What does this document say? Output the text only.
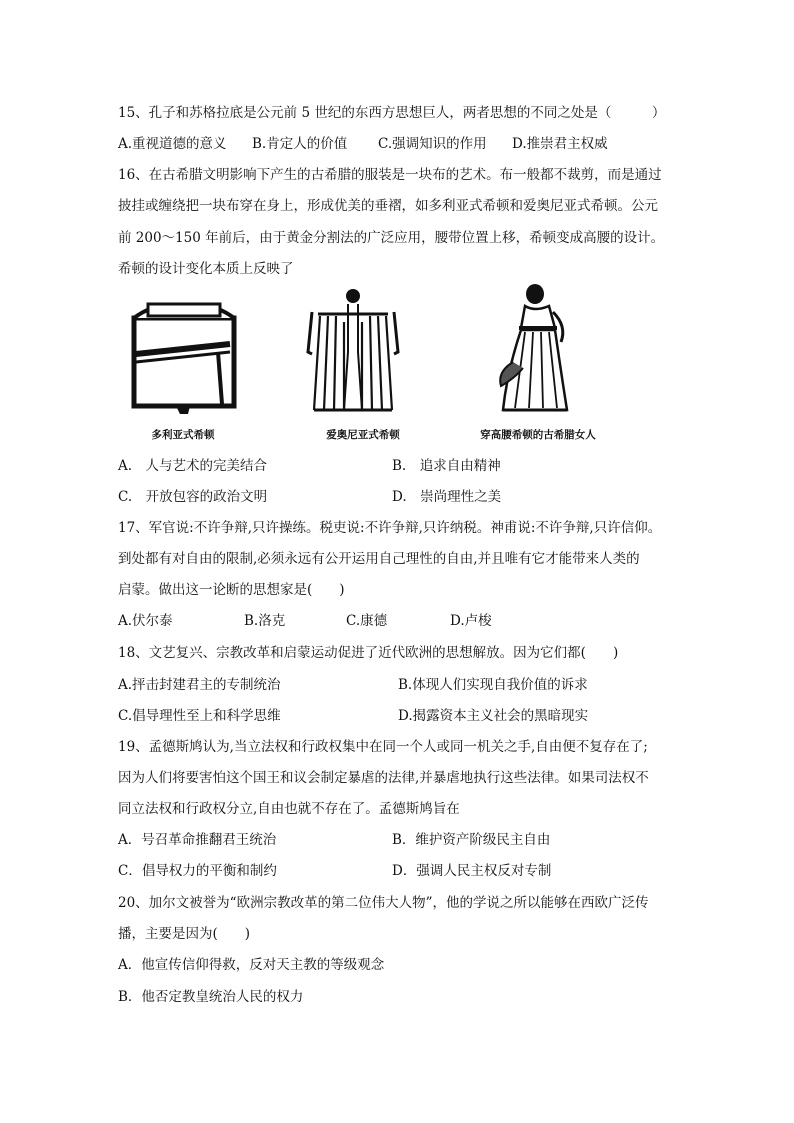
15、孔子和苏格拉底是公元前 5 世纪的东西方思想巨人，两者思想的不同之处是（　　　）
A.重视道德的意义 B.肯定人的价值 C.强调知识的作用 D.推崇君主权威
16、在古希腊文明影响下产生的古希腊的服装是一块布的艺术。布一般都不裁剪，而是通过
披挂或缠绕把一块布穿在身上，形成优美的垂褶，如多利亚式希顿和爱奥尼亚式希顿。公元
前 200～150 年前后，由于黄金分割法的广泛应用，腰带位置上移，希顿变成高腰的设计。
希顿的设计变化本质上反映了
多利亚式希顿	爱奥尼亚式希顿	穿高腰希顿的古希腊女人
A.　人与艺术的完美结合	B.　追求自由精神
C.　开放包容的政治文明	D.　崇尚理性之美
17、军官说:不许争辩,只许操练。税吏说:不许争辩,只许纳税。神甫说:不许争辩,只许信仰。
到处都有对自由的限制,必须永远有公开运用自己理性的自由,并且唯有它才能带来人类的
启蒙。做出这一论断的思想家是(　　)
A.伏尔泰	B.洛克	C.康德	D.卢梭
18、文艺复兴、宗教改革和启蒙运动促进了近代欧洲的思想解放。因为它们都(　　)
A.抨击封建君主的专制统治	B.体现人们实现自我价值的诉求
C.倡导理性至上和科学思维	D.揭露资本主义社会的黑暗现实
19、孟德斯鸠认为,当立法权和行政权集中在同一个人或同一机关之手,自由便不复存在了;
因为人们将要害怕这个国王和议会制定暴虐的法律,并暴虐地执行这些法律。如果司法权不
同立法权和行政权分立,自由也就不存在了。孟德斯鸠旨在
A．号召革命推翻君王统治	B．维护资产阶级民主自由
C．倡导权力的平衡和制约	D．强调人民主权反对专制
20、加尔文被誉为“欧洲宗教改革的第二位伟大人物”，他的学说之所以能够在西欧广泛传
播，主要是因为(　　)
A．他宣传信仰得救，反对天主教的等级观念
B．他否定教皇统治人民的权力
